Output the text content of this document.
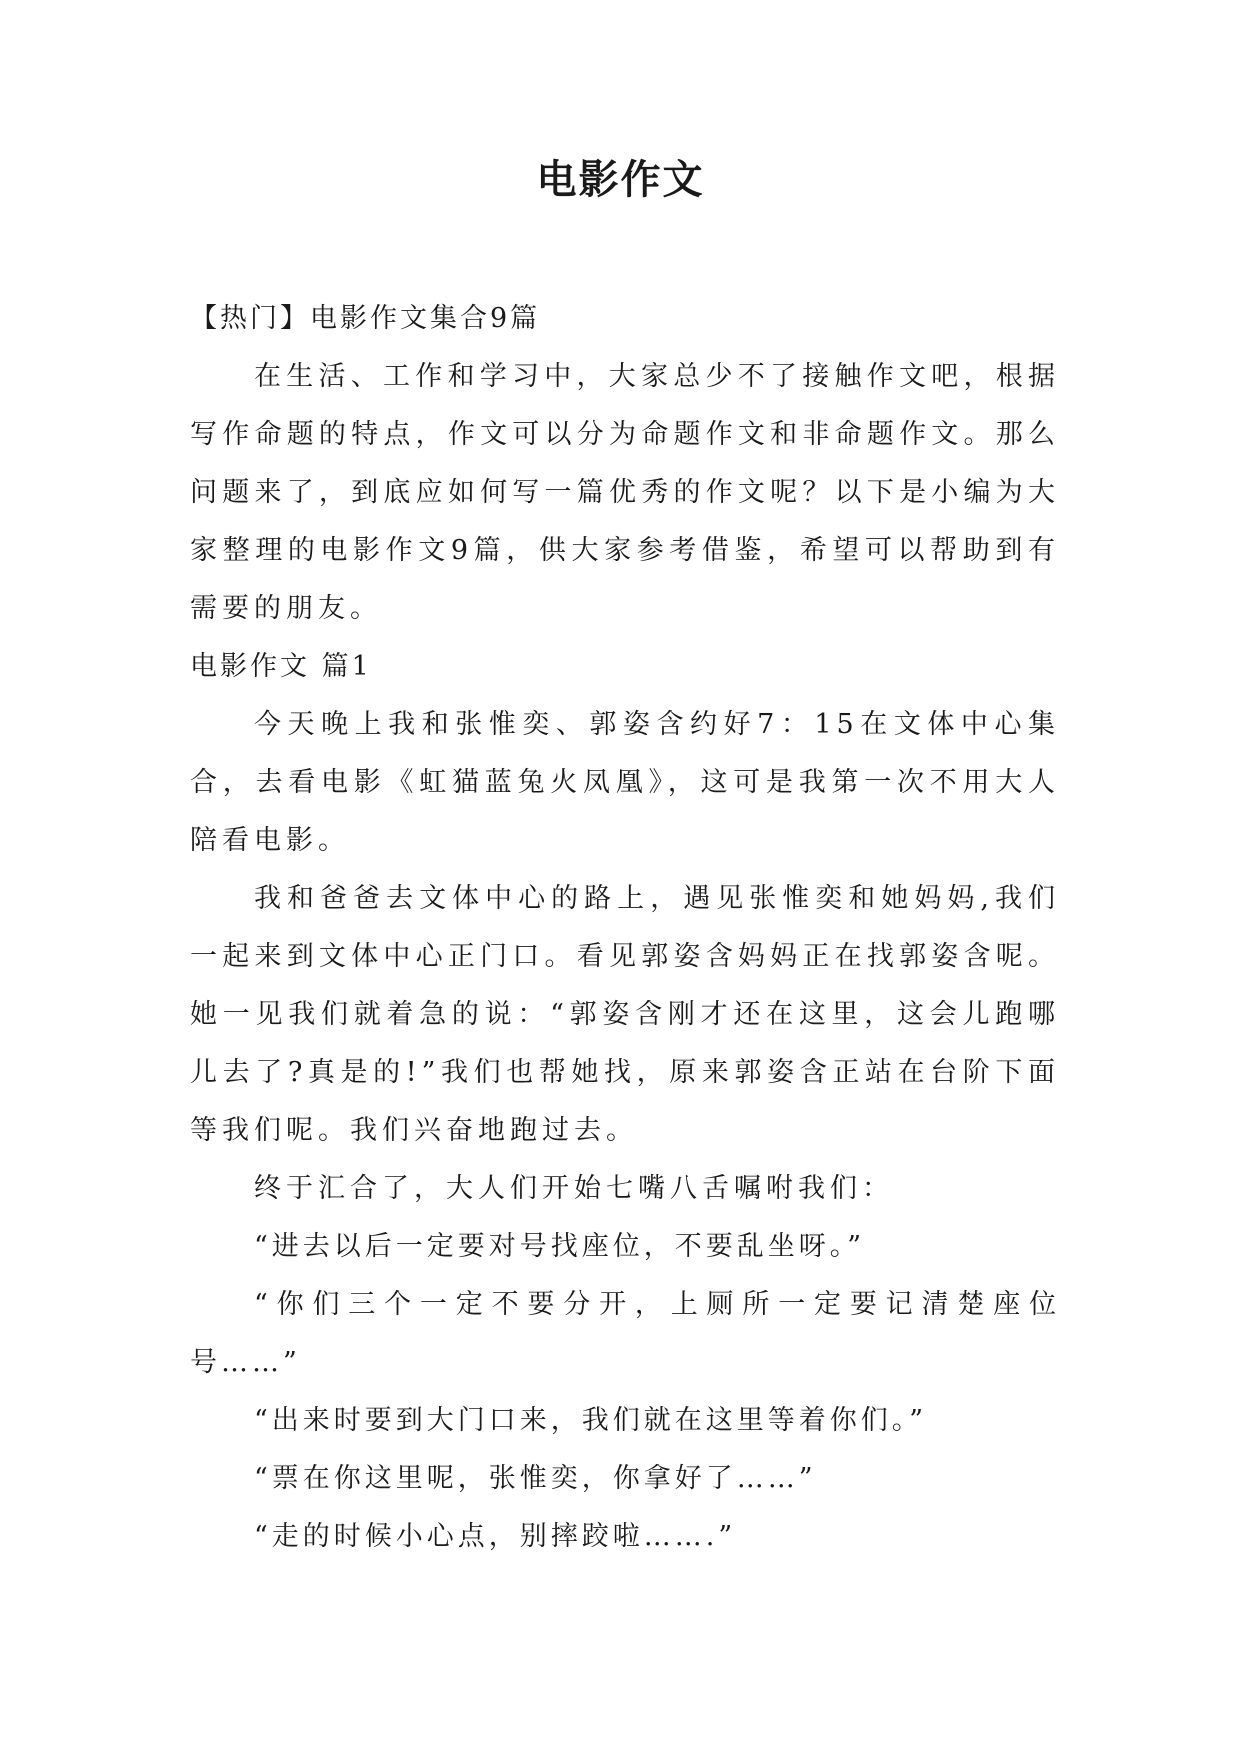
电影作文

【热门】电影作文集合9篇

在生活、工作和学习中，大家总少不了接触作文吧，根据写作命题的特点，作文可以分为命题作文和非命题作文。那么问题来了，到底应如何写一篇优秀的作文呢？以下是小编为大家整理的电影作文9篇，供大家参考借鉴，希望可以帮助到有需要的朋友。

电影作文 篇1

今天晚上我和张惟奕、郭姿含约好7：15在文体中心集合，去看电影《虹猫蓝兔火凤凰》，这可是我第一次不用大人陪看电影。

我和爸爸去文体中心的路上，遇见张惟奕和她妈妈,我们一起来到文体中心正门口。看见郭姿含妈妈正在找郭姿含呢。她一见我们就着急的说：“郭姿含刚才还在这里，这会儿跑哪儿去了?真是的!”我们也帮她找，原来郭姿含正站在台阶下面等我们呢。我们兴奋地跑过去。

终于汇合了，大人们开始七嘴八舌嘱咐我们：

“进去以后一定要对号找座位，不要乱坐呀。”

“你们三个一定不要分开，上厕所一定要记清楚座位号……”

“出来时要到大门口来，我们就在这里等着你们。”

“票在你这里呢，张惟奕，你拿好了……”

“走的时候小心点，别摔跤啦…….”
